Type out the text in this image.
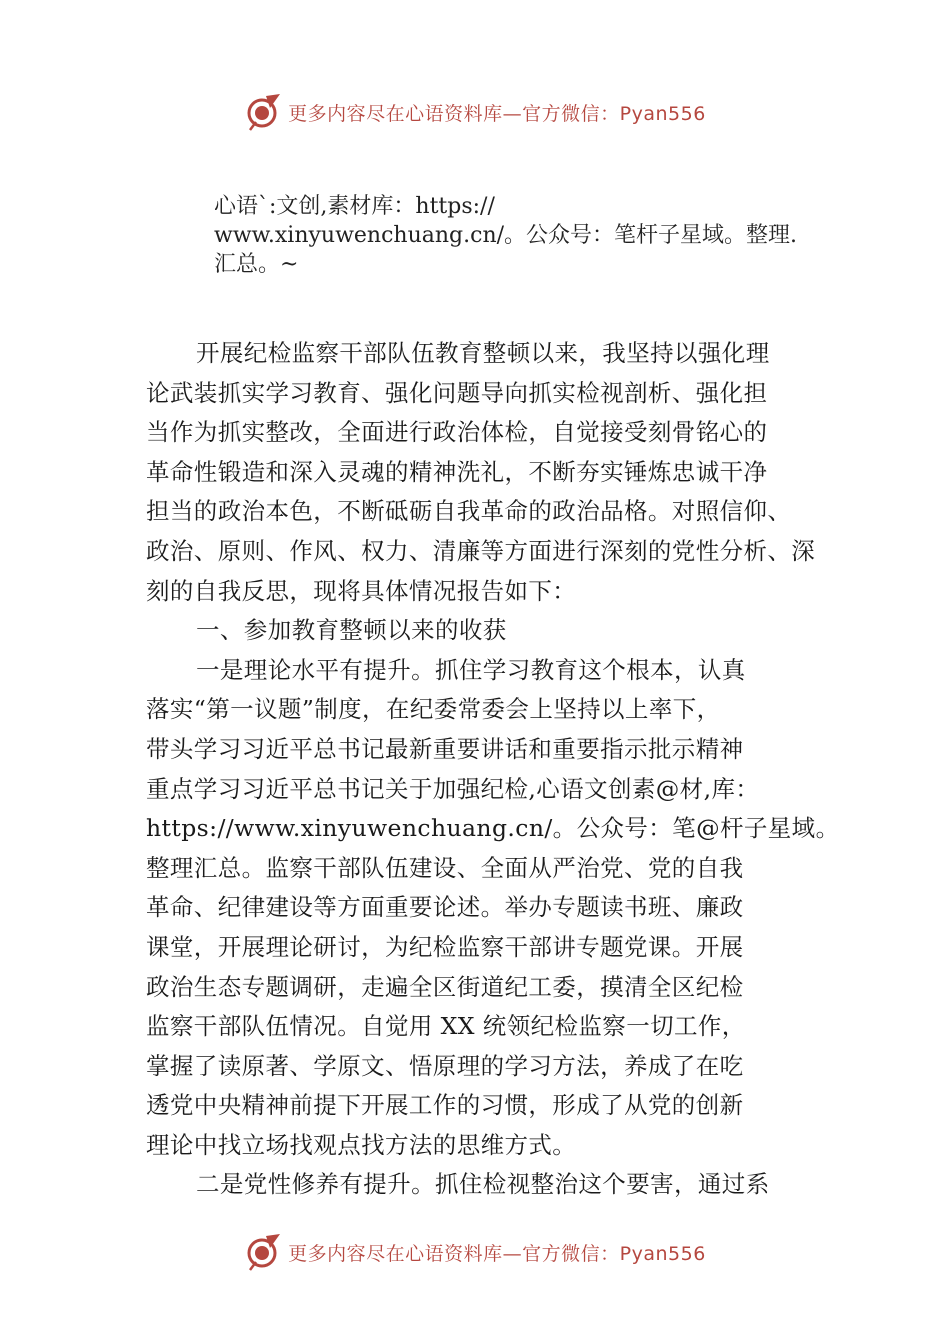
更多内容尽在心语资料库—官方微信：Pyan556
心语`:文创,素材库：https://
www.xinyuwenchuang.cn/。公众号：笔杆子星域。整理.
汇总。~
开展纪检监察干部队伍教育整顿以来，我坚持以强化理
论武装抓实学习教育、强化问题导向抓实检视剖析、强化担
当作为抓实整改，全面进行政治体检，自觉接受刻骨铭心的
革命性锻造和深入灵魂的精神洗礼，不断夯实锤炼忠诚干净
担当的政治本色，不断砥砺自我革命的政治品格。对照信仰、
政治、原则、作风、权力、清廉等方面进行深刻的党性分析、深
刻的自我反思，现将具体情况报告如下：
一、参加教育整顿以来的收获
一是理论水平有提升。抓住学习教育这个根本，认真
落实“第一议题”制度，在纪委常委会上坚持以上率下，
带头学习习近平总书记最新重要讲话和重要指示批示精神
重点学习习近平总书记关于加强纪检,心语文创素@材,库：
https://www.xinyuwenchuang.cn/。公众号：笔@杆子星域。
整理汇总。监察干部队伍建设、全面从严治党、党的自我
革命、纪律建设等方面重要论述。举办专题读书班、廉政
课堂，开展理论研讨，为纪检监察干部讲专题党课。开展
政治生态专题调研，走遍全区街道纪工委，摸清全区纪检
监察干部队伍情况。自觉用 XX 统领纪检监察一切工作，
掌握了读原著、学原文、悟原理的学习方法，养成了在吃
透党中央精神前提下开展工作的习惯，形成了从党的创新
理论中找立场找观点找方法的思维方式。
二是党性修养有提升。抓住检视整治这个要害，通过系
更多内容尽在心语资料库—官方微信：Pyan556
